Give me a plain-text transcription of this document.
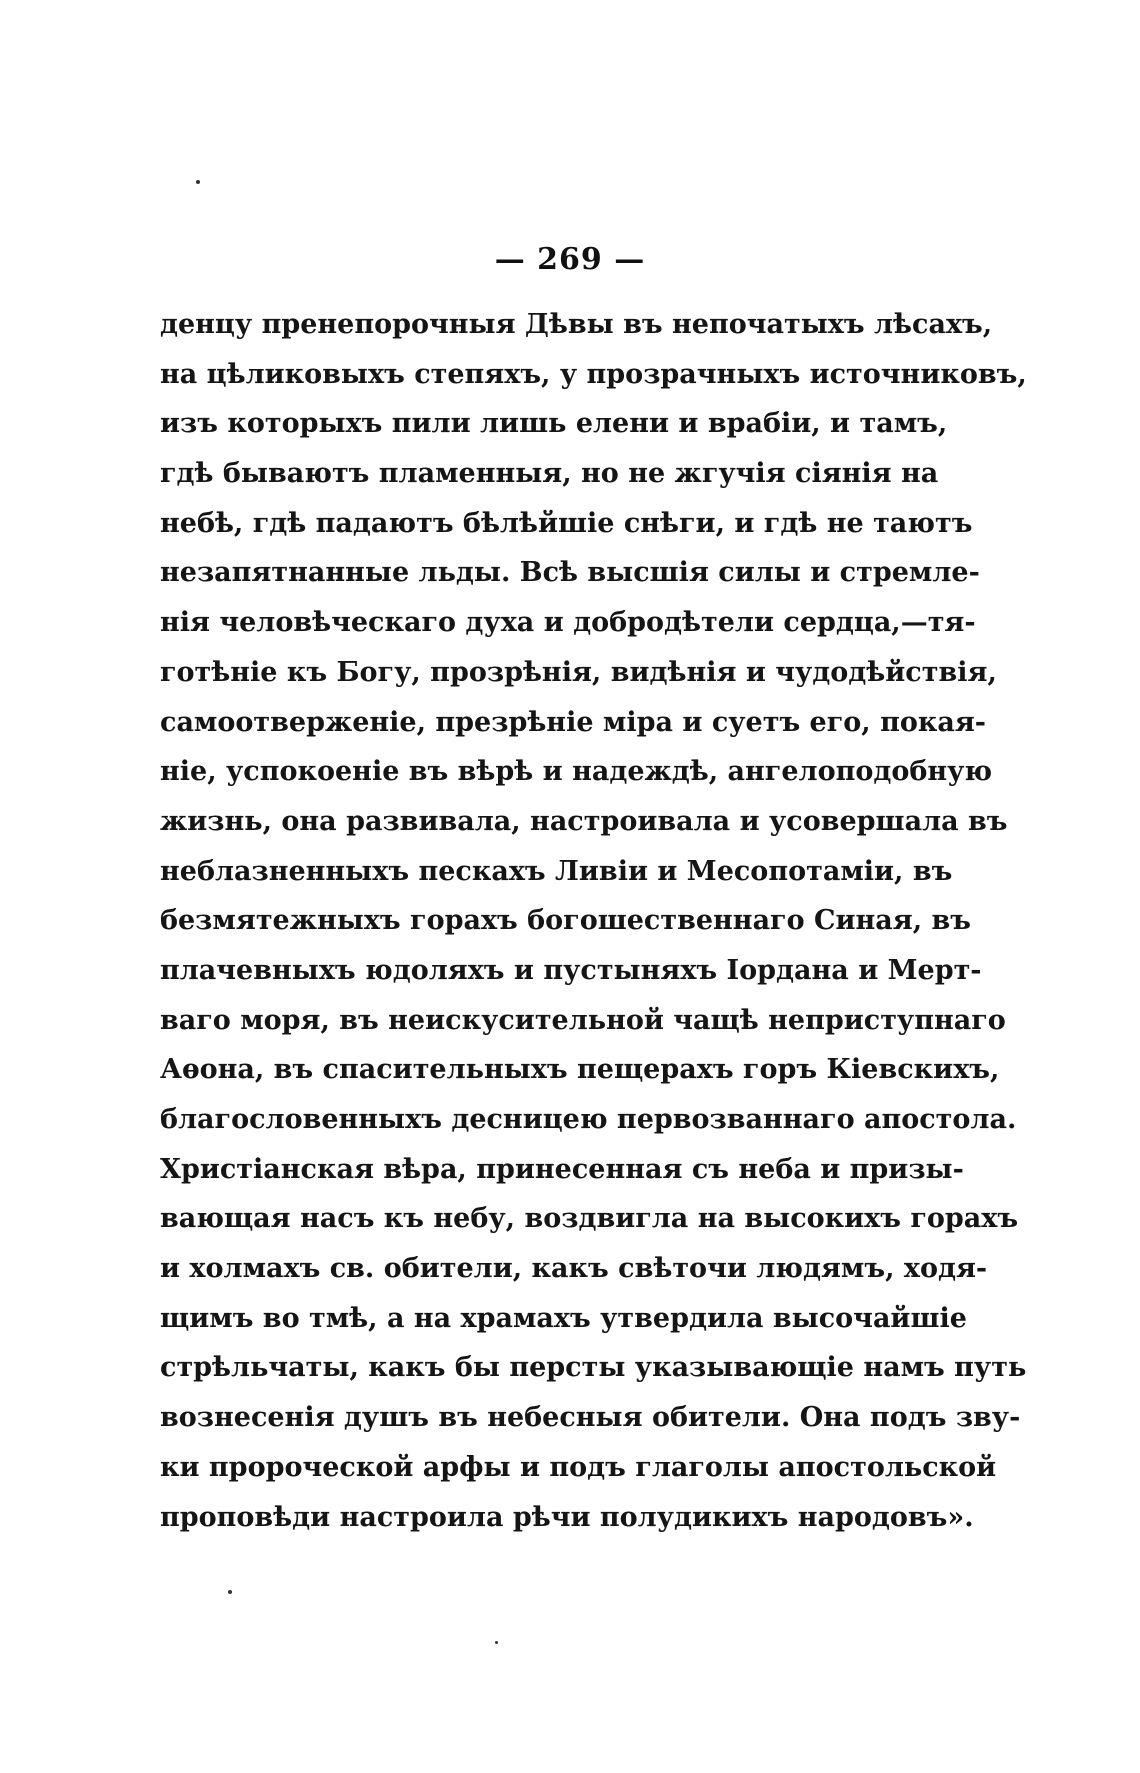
— 269 —
денцу пренепорочныя Дѣвы въ непочатыхъ лѣсахъ,
на цѣликовыхъ степяхъ, у прозрачныхъ источниковъ,
изъ которыхъ пили лишь елени и врабіи, и тамъ,
гдѣ бываютъ пламенныя, но не жгучія сіянія на
небѣ, гдѣ падаютъ бѣлѣйшіе снѣги, и гдѣ не таютъ
незапятнанные льды. Всѣ высшія силы и стремле-
нія человѣческаго духа и добродѣтели сердца,—тя-
готѣніе къ Богу, прозрѣнія, видѣнія и чудодѣйствія,
самоотверженіе, презрѣніе міра и суетъ его, покая-
ніе, успокоеніе въ вѣрѣ и надеждѣ, ангелоподобную
жизнь, она развивала, настроивала и усовершала въ
неблазненныхъ пескахъ Ливіи и Месопотаміи, въ
безмятежныхъ горахъ богошественнаго Синая, въ
плачевныхъ юдоляхъ и пустыняхъ Іордана и Мерт-
ваго моря, въ неискусительной чащѣ неприступнаго
Аѳона, въ спасительныхъ пещерахъ горъ Кіевскихъ,
благословенныхъ десницею первозваннаго апостола.
Христіанская вѣра, принесенная съ неба и призы-
вающая насъ къ небу, воздвигла на высокихъ горахъ
и холмахъ св. обители, какъ свѣточи людямъ, ходя-
щимъ во тмѣ, а на храмахъ утвердила высочайшіе
стрѣльчаты, какъ бы персты указывающіе намъ путь
вознесенія душъ въ небесныя обители. Она подъ зву-
ки пророческой арфы и подъ глаголы апостольской
проповѣди настроила рѣчи полудикихъ народовъ».
